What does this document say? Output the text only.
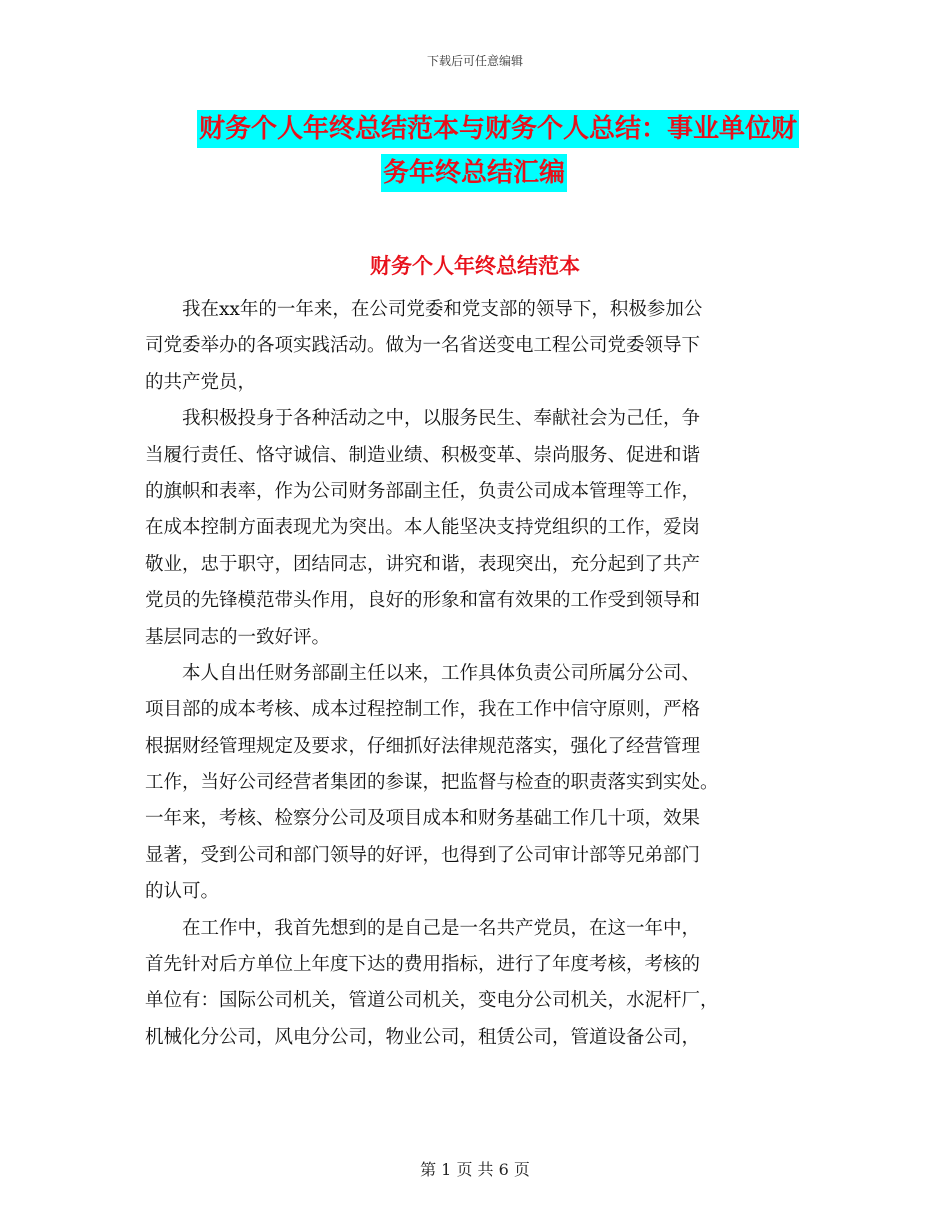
下载后可任意编辑
财务个人年终总结范本与财务个人总结：事业单位财
务年终总结汇编
财务个人年终总结范本
　　我在xx年的一年来，在公司党委和党支部的领导下，积极参加公
司党委举办的各项实践活动。做为一名省送变电工程公司党委领导下
的共产党员，
　　我积极投身于各种活动之中，以服务民生、奉献社会为己任，争
当履行责任、恪守诚信、制造业绩、积极变革、崇尚服务、促进和谐
的旗帜和表率，作为公司财务部副主任，负责公司成本管理等工作，
在成本控制方面表现尤为突出。本人能坚决支持党组织的工作，爱岗
敬业，忠于职守，团结同志，讲究和谐，表现突出，充分起到了共产
党员的先锋模范带头作用，良好的形象和富有效果的工作受到领导和
基层同志的一致好评。
　　本人自出任财务部副主任以来，工作具体负责公司所属分公司、
项目部的成本考核、成本过程控制工作，我在工作中信守原则，严格
根据财经管理规定及要求，仔细抓好法律规范落实，强化了经营管理
工作，当好公司经营者集团的参谋，把监督与检查的职责落实到实处。
一年来，考核、检察分公司及项目成本和财务基础工作几十项，效果
显著，受到公司和部门领导的好评，也得到了公司审计部等兄弟部门
的认可。
　　在工作中，我首先想到的是自己是一名共产党员，在这一年中，
首先针对后方单位上年度下达的费用指标，进行了年度考核，考核的
单位有：国际公司机关，管道公司机关，变电分公司机关，水泥杆厂，
机械化分公司，风电分公司，物业公司，租赁公司，管道设备公司，
第 1 页 共 6 页
